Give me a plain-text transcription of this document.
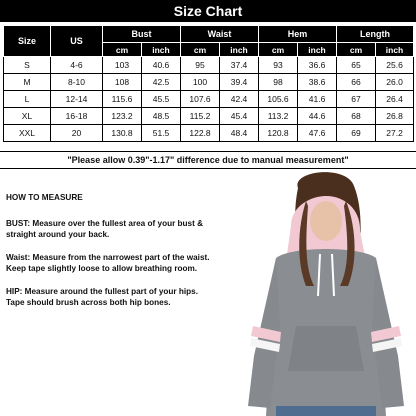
Size Chart
Size	US	Bust		Waist		Hem		Length	
		cm	inch	cm	inch	cm	inch	cm	inch
S	4-6	103	40.6	95	37.4	93	36.6	65	25.6
M	8-10	108	42.5	100	39.4	98	38.6	66	26.0
L	12-14	115.6	45.5	107.6	42.4	105.6	41.6	67	26.4
XL	16-18	123.2	48.5	115.2	45.4	113.2	44.6	68	26.8
XXL	20	130.8	51.5	122.8	48.4	120.8	47.6	69	27.2
"Please allow 0.39"-1.17" difference due to manual measurement"
HOW TO MEASURE
BUST: Measure over the fullest area of your bust & straight around your back.
Waist: Measure from the narrowest part of the waist. Keep tape slightly loose to allow breathing room.
HIP: Measure around the fullest part of your hips. Tape should brush across both hip bones.
